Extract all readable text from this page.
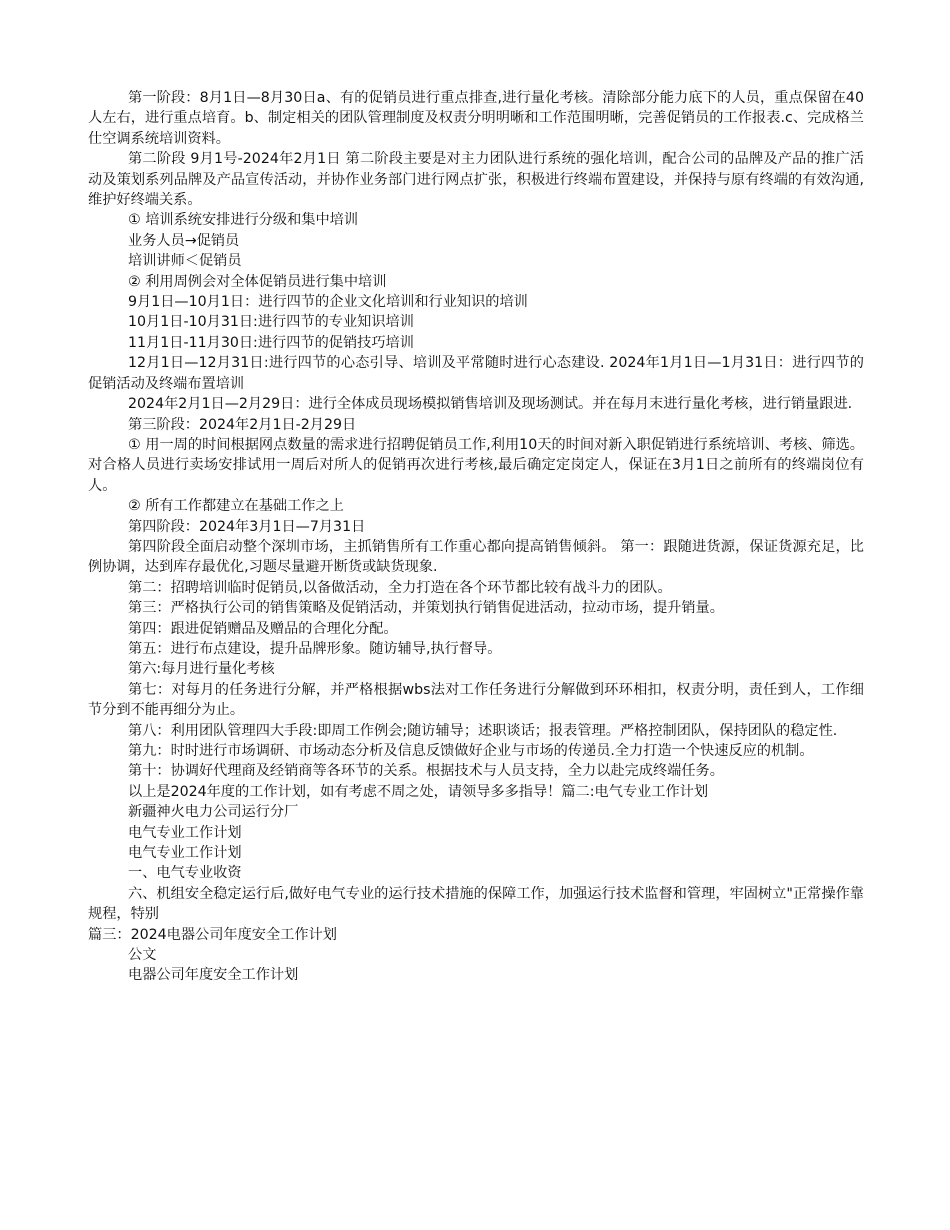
第一阶段：8月1日—8月30日a、有的促销员进行重点排查,进行量化考核。清除部分能力底下的人员，重点保留在40人左右，进行重点培育。b、制定相关的团队管理制度及权责分明明晰和工作范围明晰，完善促销员的工作报表.c、完成格兰仕空调系统培训资料。

第二阶段 9月1号-2024年2月1日 第二阶段主要是对主力团队进行系统的强化培训，配合公司的品牌及产品的推广活动及策划系列品牌及产品宣传活动，并协作业务部门进行网点扩张，积极进行终端布置建设，并保持与原有终端的有效沟通,维护好终端关系。

① 培训系统安排进行分级和集中培训

业务人员→促销员

培训讲师＜促销员

② 利用周例会对全体促销员进行集中培训

9月1日—10月1日：进行四节的企业文化培训和行业知识的培训

10月1日-10月31日:进行四节的专业知识培训

11月1日-11月30日:进行四节的促销技巧培训

12月1日—12月31日:进行四节的心态引导、培训及平常随时进行心态建设. 2024年1月1日—1月31日：进行四节的促销活动及终端布置培训

2024年2月1日—2月29日：进行全体成员现场模拟销售培训及现场测试。并在每月末进行量化考核，进行销量跟进.

第三阶段：2024年2月1日-2月29日

① 用一周的时间根据网点数量的需求进行招聘促销员工作,利用10天的时间对新入职促销进行系统培训、考核、筛选。对合格人员进行卖场安排试用一周后对所人的促销再次进行考核,最后确定定岗定人，保证在3月1日之前所有的终端岗位有人。

② 所有工作都建立在基础工作之上

第四阶段：2024年3月1日—7月31日

第四阶段全面启动整个深圳市场，主抓销售所有工作重心都向提高销售倾斜。 第一：跟随进货源，保证货源充足，比例协调，达到库存最优化,习题尽量避开断货或缺货现象.

第二：招聘培训临时促销员,以备做活动，全力打造在各个环节都比较有战斗力的团队。

第三：严格执行公司的销售策略及促销活动，并策划执行销售促进活动，拉动市场，提升销量。

第四：跟进促销赠品及赠品的合理化分配。

第五：进行布点建设，提升品牌形象。随访辅导,执行督导。

第六:每月进行量化考核

第七：对每月的任务进行分解，并严格根据wbs法对工作任务进行分解做到环环相扣，权责分明，责任到人，工作细节分到不能再细分为止。

第八：利用团队管理四大手段:即周工作例会;随访辅导；述职谈话；报表管理。严格控制团队，保持团队的稳定性.

第九：时时进行市场调研、市场动态分析及信息反馈做好企业与市场的传递员.全力打造一个快速反应的机制。

第十：协调好代理商及经销商等各环节的关系。根据技术与人员支持，全力以赴完成终端任务。

以上是2024年度的工作计划，如有考虑不周之处，请领导多多指导！篇二:电气专业工作计划

新疆神火电力公司运行分厂

电气专业工作计划

电气专业工作计划

一、电气专业收资

六、机组安全稳定运行后,做好电气专业的运行技术措施的保障工作，加强运行技术监督和管理，牢固树立"正常操作靠规程，特别

篇三：2024电器公司年度安全工作计划

公文

电器公司年度安全工作计划
